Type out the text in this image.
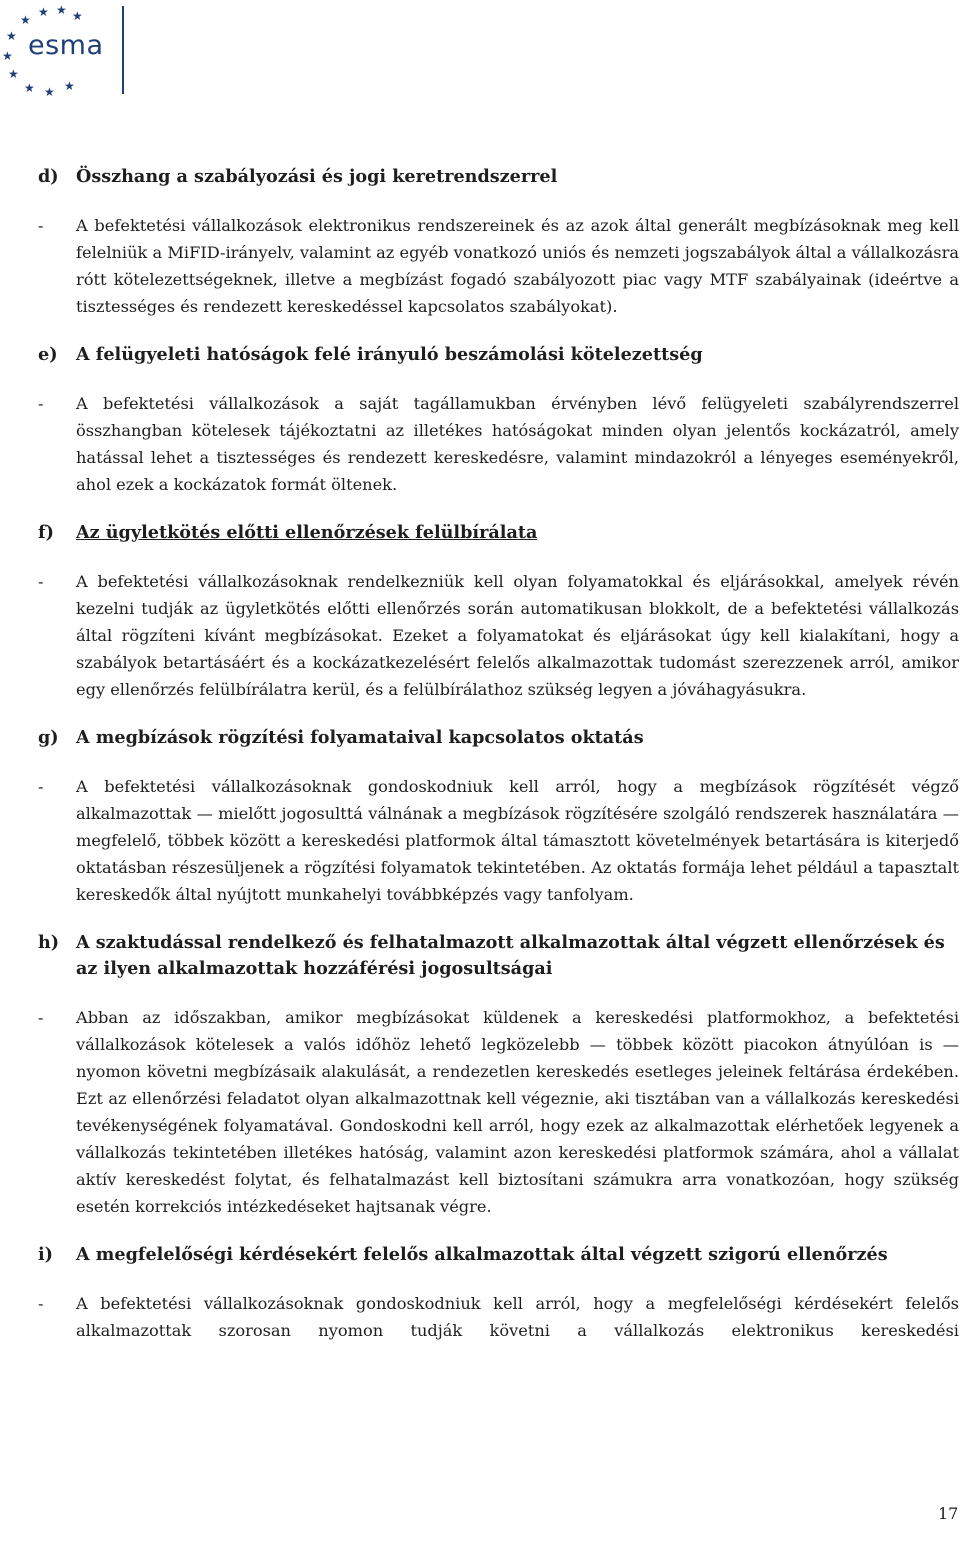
★ ★ ★
★
★
★
★
★ ★ ★
esma
d) Összhang a szabályozási és jogi keretrendszerrel
-	A befektetési vállalkozások elektronikus rendszereinek és az azok által generált megbízásoknak meg kell felelniük a MiFID-irányelv, valamint az egyéb vonatkozó uniós és nemzeti jogszabályok által a vállalkozásra rótt kötelezettségeknek, illetve a megbízást fogadó szabályozott piac vagy MTF szabályainak (ideértve a tisztességes és rendezett kereskedéssel kapcsolatos szabályokat).
e)	A felügyeleti hatóságok felé irányuló beszámolási kötelezettség
-	A befektetési vállalkozások a saját tagállamukban érvényben lévő felügyeleti szabályrendszerrel összhangban kötelesek tájékoztatni az illetékes hatóságokat minden olyan jelentős kockázatról, amely hatással lehet a tisztességes és rendezett kereskedésre, valamint mindazokról a lényeges eseményekről, ahol ezek a kockázatok formát öltenek.
f)	Az ügyletkötés előtti ellenőrzések felülbírálata
-	A befektetési vállalkozásoknak rendelkezniük kell olyan folyamatokkal és eljárásokkal, amelyek révén kezelni tudják az ügyletkötés előtti ellenőrzés során automatikusan blokkolt, de a befektetési vállalkozás által rögzíteni kívánt megbízásokat. Ezeket a folyamatokat és eljárásokat úgy kell kialakítani, hogy a szabályok betartásáért és a kockázatkezelésért felelős alkalmazottak tudomást szerezzenek arról, amikor egy ellenőrzés felülbírálatra kerül, és a felülbírálathoz szükség legyen a jóváhagyásukra.
g) A megbízások rögzítési folyamataival kapcsolatos oktatás
-	A befektetési vállalkozásoknak gondoskodniuk kell arról, hogy a megbízások rögzítését végző alkalmazottak — mielőtt jogosulttá válnának a megbízások rögzítésére szolgáló rendszerek használatára — megfelelő, többek között a kereskedési platformok által támasztott követelmények betartására is kiterjedő oktatásban részesüljenek a rögzítési folyamatok tekintetében. Az oktatás formája lehet például a tapasztalt kereskedők által nyújtott munkahelyi továbbképzés vagy tanfolyam.
h) A szaktudással rendelkező és felhatalmazott alkalmazottak által végzett ellenőrzések és az ilyen alkalmazottak hozzáférési jogosultságai
-	Abban az időszakban, amikor megbízásokat küldenek a kereskedési platformokhoz, a befektetési vállalkozások kötelesek a valós időhöz lehető legközelebb — többek között piacokon átnyúlóan is — nyomon követni megbízásaik alakulását, a rendezetlen kereskedés esetleges jeleinek feltárása érdekében. Ezt az ellenőrzési feladatot olyan alkalmazottnak kell végeznie, aki tisztában van a vállalkozás kereskedési tevékenységének folyamatával. Gondoskodni kell arról, hogy ezek az alkalmazottak elérhetőek legyenek a vállalkozás tekintetében illetékes hatóság, valamint azon kereskedési platformok számára, ahol a vállalat aktív kereskedést folytat, és felhatalmazást kell biztosítani számukra arra vonatkozóan, hogy szükség esetén korrekciós intézkedéseket hajtsanak végre.
i)	A megfelelőségi kérdésekért felelős alkalmazottak által végzett szigorú ellenőrzés
-	A befektetési vállalkozásoknak gondoskodniuk kell arról, hogy a megfelelőségi kérdésekért felelős alkalmazottak szorosan nyomon tudják követni a vállalkozás elektronikus kereskedési
17
